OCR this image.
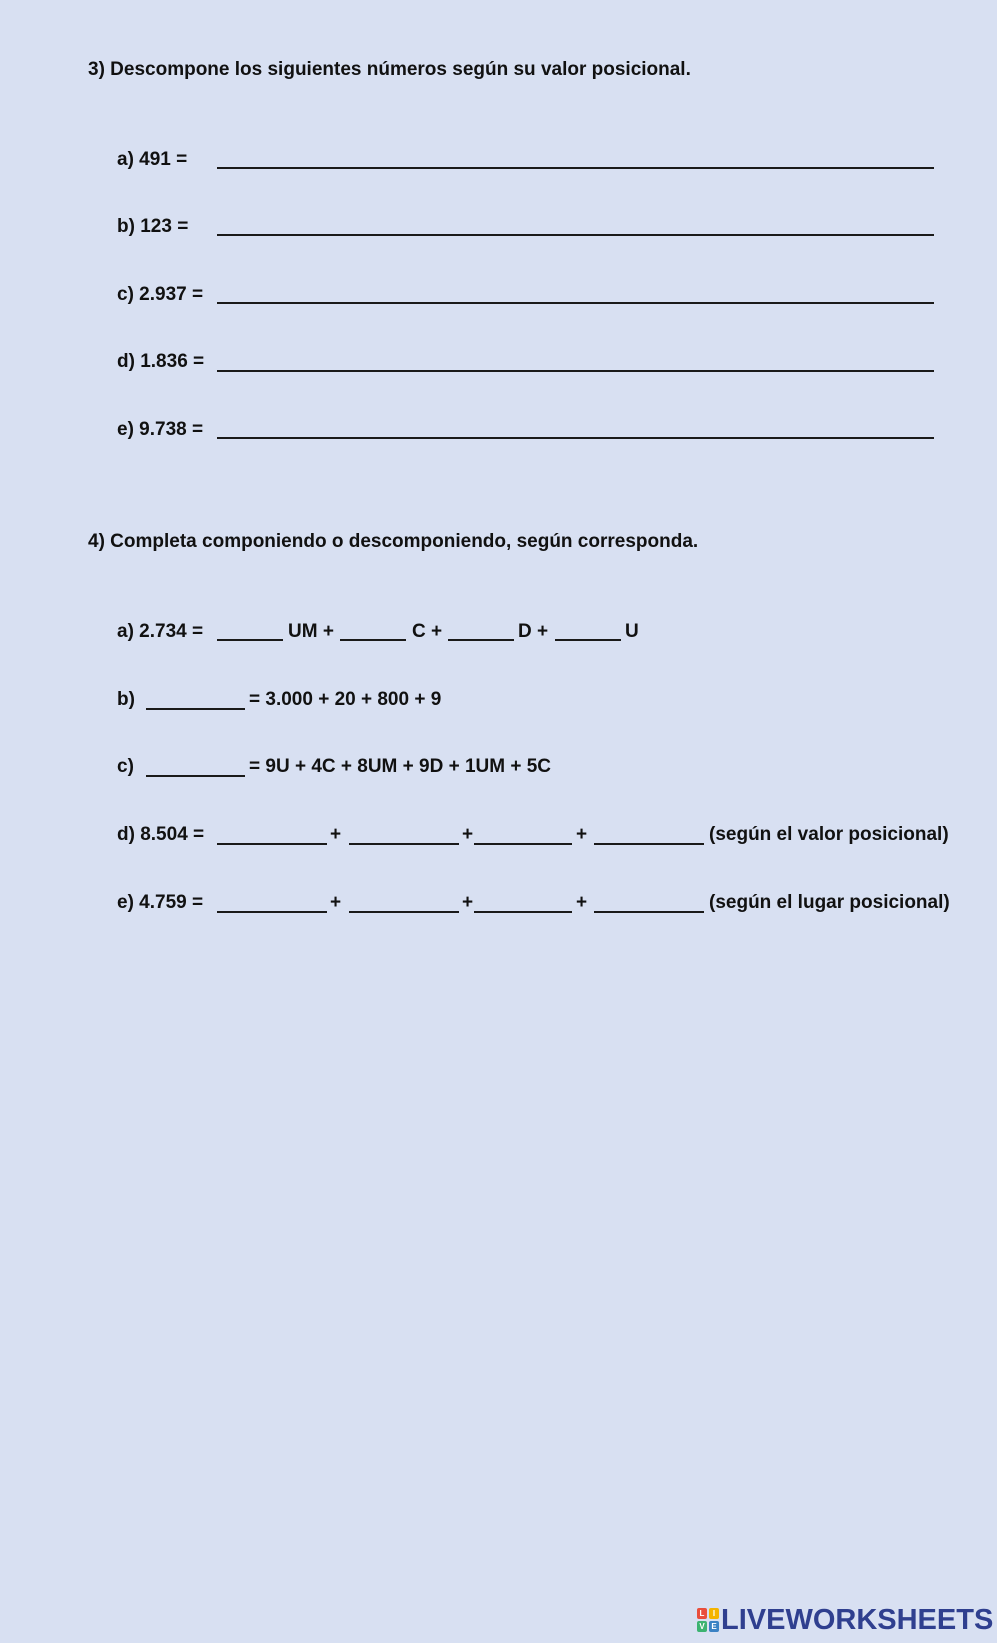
3) Descompone los siguientes números según su valor posicional.
a) 491 =
b) 123 =
c) 2.937 =
d) 1.836 =
e) 9.738 =
4) Completa componiendo o descomponiendo, según corresponda.
a) 2.734 =	UM +	C +	D +	U
b)	= 3.000 + 20 + 800 + 9
c)	= 9U + 4C + 8UM + 9D + 1UM + 5C
d) 8.504 =	+	+	+	(según el valor posicional)
e) 4.759 =	+	+	+	(según el lugar posicional)
L	I
V E LIVEWORKSHEETS
